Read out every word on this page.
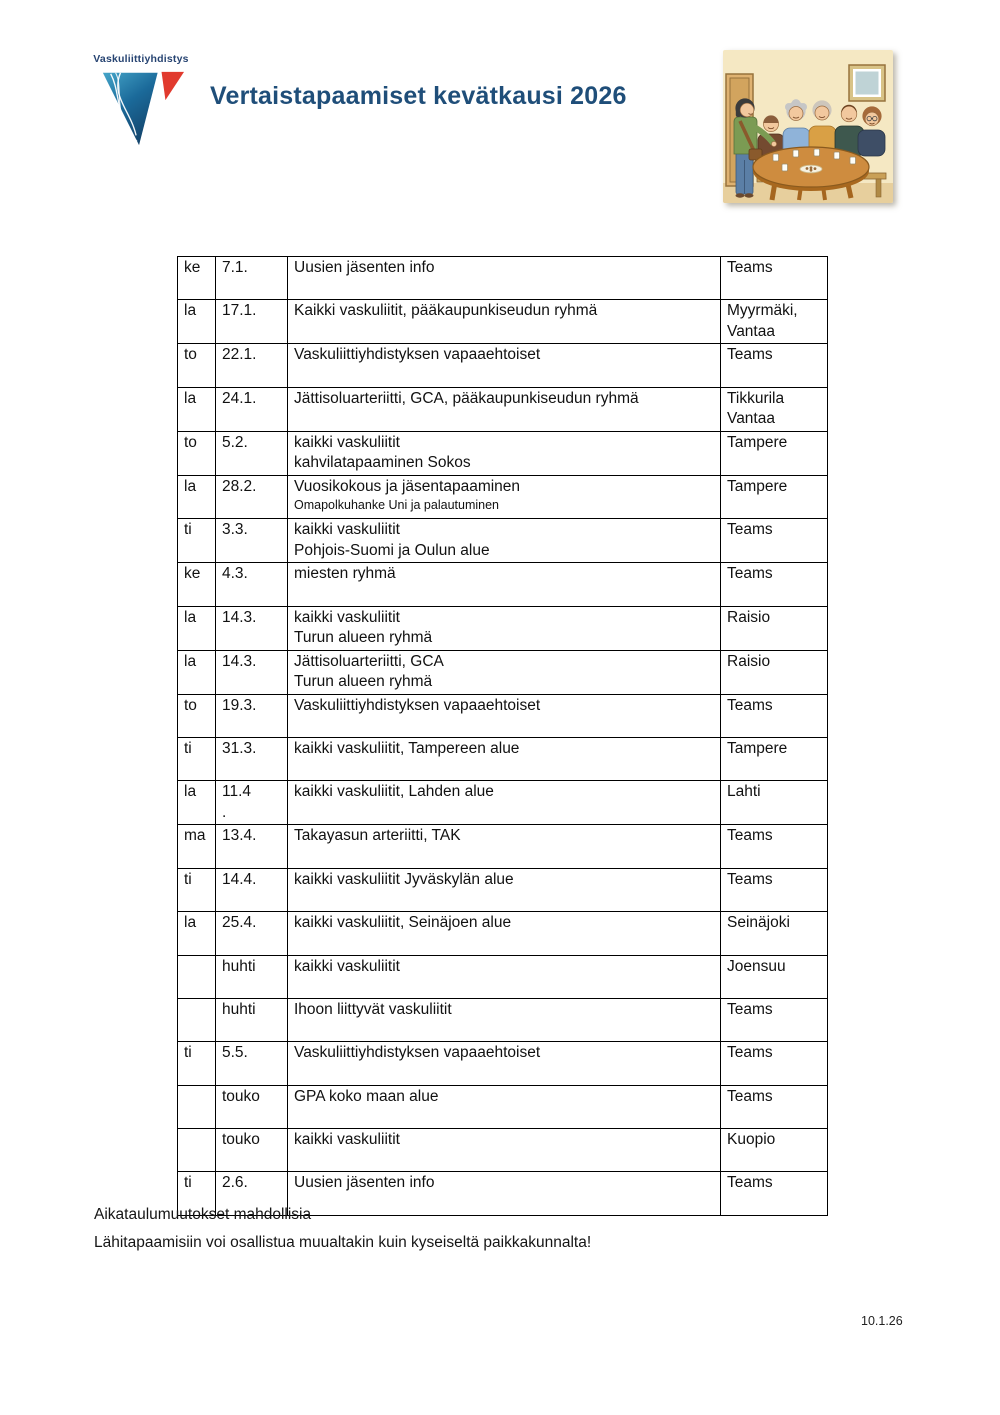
Vaskuliittiyhdistys
Vertaistapaamiset kevätkausi 2026
ke	7.1.	Uusien jäsenten info	Teams

la	17.1.	Kaikki vaskuliitit, pääkaupunkiseudun ryhmä	Myyrmäki,
Vantaa

to	22.1.	Vaskuliittiyhdistyksen vapaaehtoiset	Teams

la	24.1.	Jättisoluarteriitti, GCA, pääkaupunkiseudun ryhmä	Tikkurila
Vantaa

to	5.2.	kaikki vaskuliitit
kahvilatapaaminen Sokos	Tampere

la	28.2.	Vuosikokous ja jäsentapaaminen
Omapolkuhanke Uni ja palautuminen	Tampere

ti	3.3.	kaikki vaskuliitit
Pohjois-Suomi ja Oulun alue	Teams

ke	4.3.	miesten ryhmä	Teams

la	14.3.	kaikki vaskuliitit
Turun alueen ryhmä	Raisio

la	14.3.	Jättisoluarteriitti, GCA
Turun alueen ryhmä	Raisio

to	19.3.	Vaskuliittiyhdistyksen vapaaehtoiset	Teams

ti	31.3.	kaikki vaskuliitit, Tampereen alue	Tampere

la	11.4
.	kaikki vaskuliitit, Lahden alue	Lahti

ma	13.4.	Takayasun arteriitti, TAK	Teams

ti	14.4.	kaikki vaskuliitit Jyväskylän alue	Teams

la	25.4.	kaikki vaskuliitit, Seinäjoen alue	Seinäjoki

	huhti	kaikki vaskuliitit	Joensuu

	huhti	Ihoon liittyvät vaskuliitit	Teams

ti	5.5.	Vaskuliittiyhdistyksen vapaaehtoiset	Teams

	touko	GPA koko maan alue	Teams

	touko	kaikki vaskuliitit	Kuopio

ti	2.6.	Uusien jäsenten info	Teams
Aikataulumuutokset mahdollisia
Lähitapaamisiin voi osallistua muualtakin kuin kyseiseltä paikkakunnalta!
10.1.26
